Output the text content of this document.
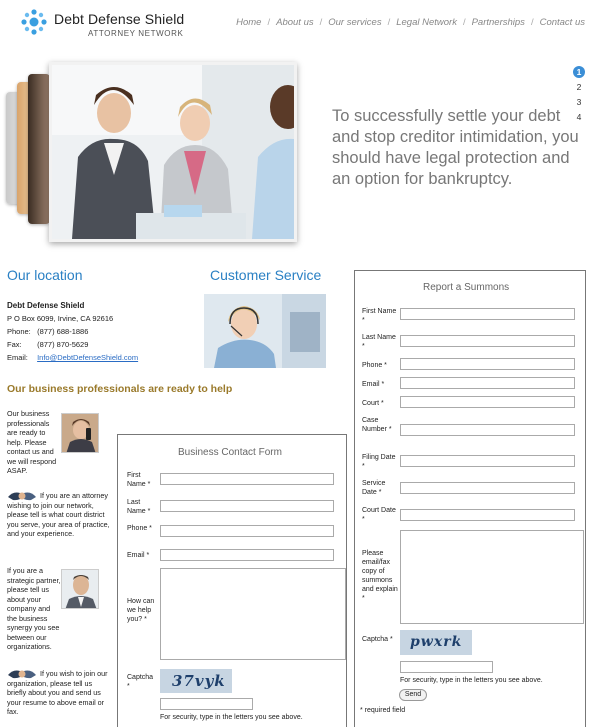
Debt Defense Shield
ATTORNEY NETWORK
Home / About us / Our services / Legal Network / Partnerships / Contact us
To successfully settle your debt and stop creditor intimidation, you should have legal protection and an option for bankruptcy.
1
2
3
4
Our location	Customer Service
Debt Defense Shield
P O Box 6099, Irvine, CA 92616
Phone: (877) 688-1886
Fax: (877) 870-5629
Email: Info@DebtDefenseShield.com
Our business professionals are ready to help
Our business professionals are ready to help. Please contact us and we will respond ASAP.
If you are an attorney wishing to join our network, please tell is what court district you serve, your area of practice, and your experience.
If you are a strategic partner, please tell us about your company and the business synergy you see between our organizations.
If you wish to join our organization, please tell us briefly about you and send us your resume to above email or fax.
Business Contact Form
First Name *
Last Name *
Phone *
Email *
How can we help you? *
Captcha *	37vyk
For security, type in the letters you see above.
Report a Summons
First Name *
Last Name *
Phone *
Email *
Court *
Case Number *
Filing Date *
Service Date *
Court Date *
Please email/fax copy of summons and explain *
Captcha *	pwxrk
For security, type in the letters you see above.
Send
* required field
